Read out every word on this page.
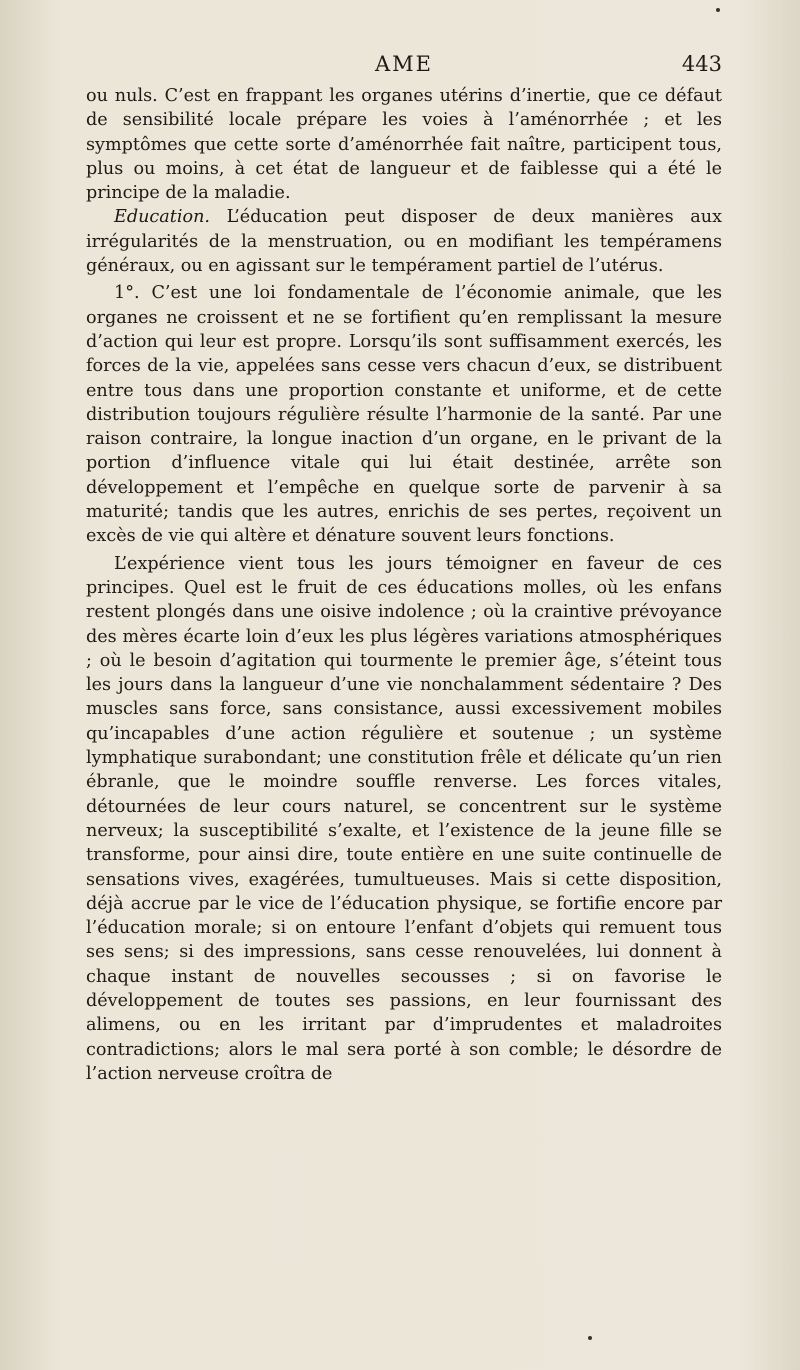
AME	443

ou nuls. C’est en frappant les organes utérins d’inertie, que ce défaut de sensibilité locale prépare les voies à l’aménorrhée ; et les symptômes que cette sorte d’aménorrhée fait naître, participent tous, plus ou moins, à cet état de langueur et de faiblesse qui a été le principe de la maladie.

Education. L’éducation peut disposer de deux manières aux irrégularités de la menstruation, ou en modifiant les tempéramens généraux, ou en agissant sur le tempérament partiel de l’utérus.

1°. C’est une loi fondamentale de l’économie animale, que les organes ne croissent et ne se fortifient qu’en remplissant la mesure d’action qui leur est propre. Lorsqu’ils sont suffisamment exercés, les forces de la vie, appelées sans cesse vers chacun d’eux, se distribuent entre tous dans une proportion constante et uniforme, et de cette distribution toujours régulière résulte l’harmonie de la santé. Par une raison contraire, la longue inaction d’un organe, en le privant de la portion d’influence vitale qui lui était destinée, arrête son développement et l’empêche en quelque sorte de parvenir à sa maturité; tandis que les autres, enrichis de ses pertes, reçoivent un excès de vie qui altère et dénature souvent leurs fonctions.

L’expérience vient tous les jours témoigner en faveur de ces principes. Quel est le fruit de ces éducations molles, où les enfans restent plongés dans une oisive indolence ; où la craintive prévoyance des mères écarte loin d’eux les plus légères variations atmosphériques ; où le besoin d’agitation qui tourmente le premier âge, s’éteint tous les jours dans la langueur d’une vie nonchalamment sédentaire ? Des muscles sans force, sans consistance, aussi excessivement mobiles qu’incapables d’une action régulière et soutenue ; un système lymphatique surabondant; une constitution frêle et délicate qu’un rien ébranle, que le moindre souffle renverse. Les forces vitales, détournées de leur cours naturel, se concentrent sur le système nerveux; la susceptibilité s’exalte, et l’existence de la jeune fille se transforme, pour ainsi dire, toute entière en une suite continuelle de sensations vives, exagérées, tumultueuses. Mais si cette disposition, déjà accrue par le vice de l’éducation physique, se fortifie encore par l’éducation morale; si on entoure l’enfant d’objets qui remuent tous ses sens; si des impressions, sans cesse renouvelées, lui donnent à chaque instant de nouvelles secousses ; si on favorise le développement de toutes ses passions, en leur fournissant des alimens, ou en les irritant par d’imprudentes et maladroites contradictions; alors le mal sera porté à son comble; le désordre de l’action nerveuse croîtra de
